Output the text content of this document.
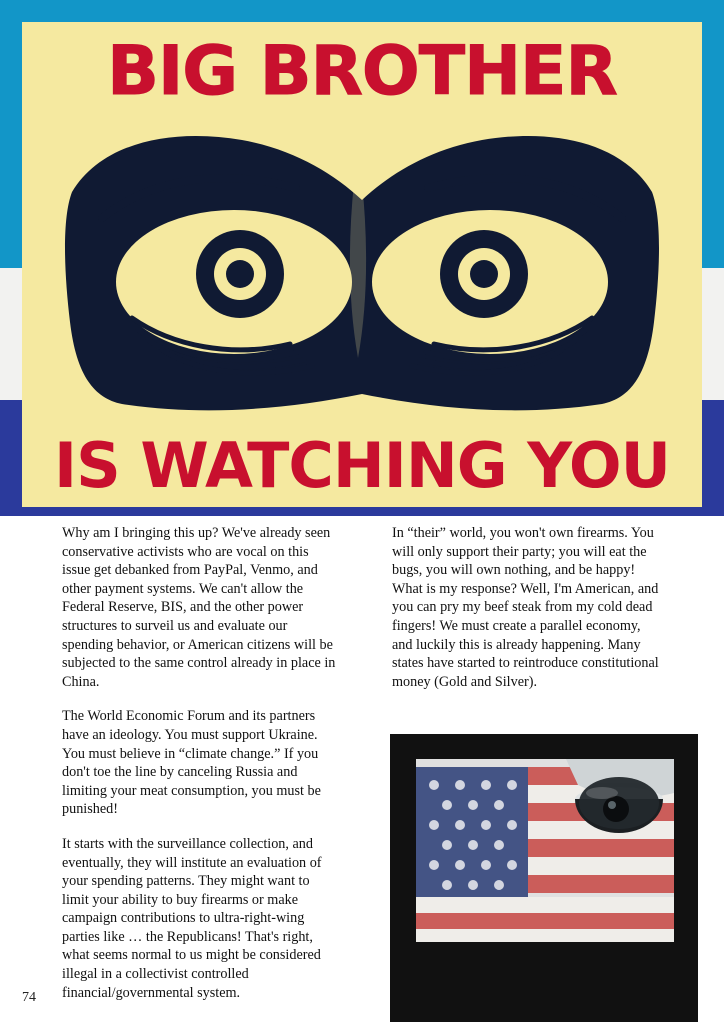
BIG BROTHER
IS WATCHING YOU

Why am I bringing this up? We've already seen conservative activists who are vocal on this issue get debanked from PayPal, Venmo, and other payment systems. We can't allow the Federal Reserve, BIS, and the other power structures to surveil us and evaluate our spending behavior, or American citizens will be subjected to the same control already in place in China.

The World Economic Forum and its partners have an ideology. You must support Ukraine. You must believe in “climate change.” If you don't toe the line by canceling Russia and limiting your meat consumption, you must be punished!

It starts with the surveillance collection, and eventually, they will institute an evaluation of your spending patterns. They might want to limit your ability to buy firearms or make campaign contributions to ultra-right-wing parties like … the Republicans! That's right, what seems normal to us might be considered illegal in a collectivist controlled financial/governmental system.

In “their” world, you won't own firearms. You will only support their party; you will eat the bugs, you will own nothing, and be happy! What is my response? Well, I'm American, and you can pry my beef steak from my cold dead fingers! We must create a parallel economy, and luckily this is already happening. Many states have started to reintroduce constitutional money (Gold and Silver).

74
